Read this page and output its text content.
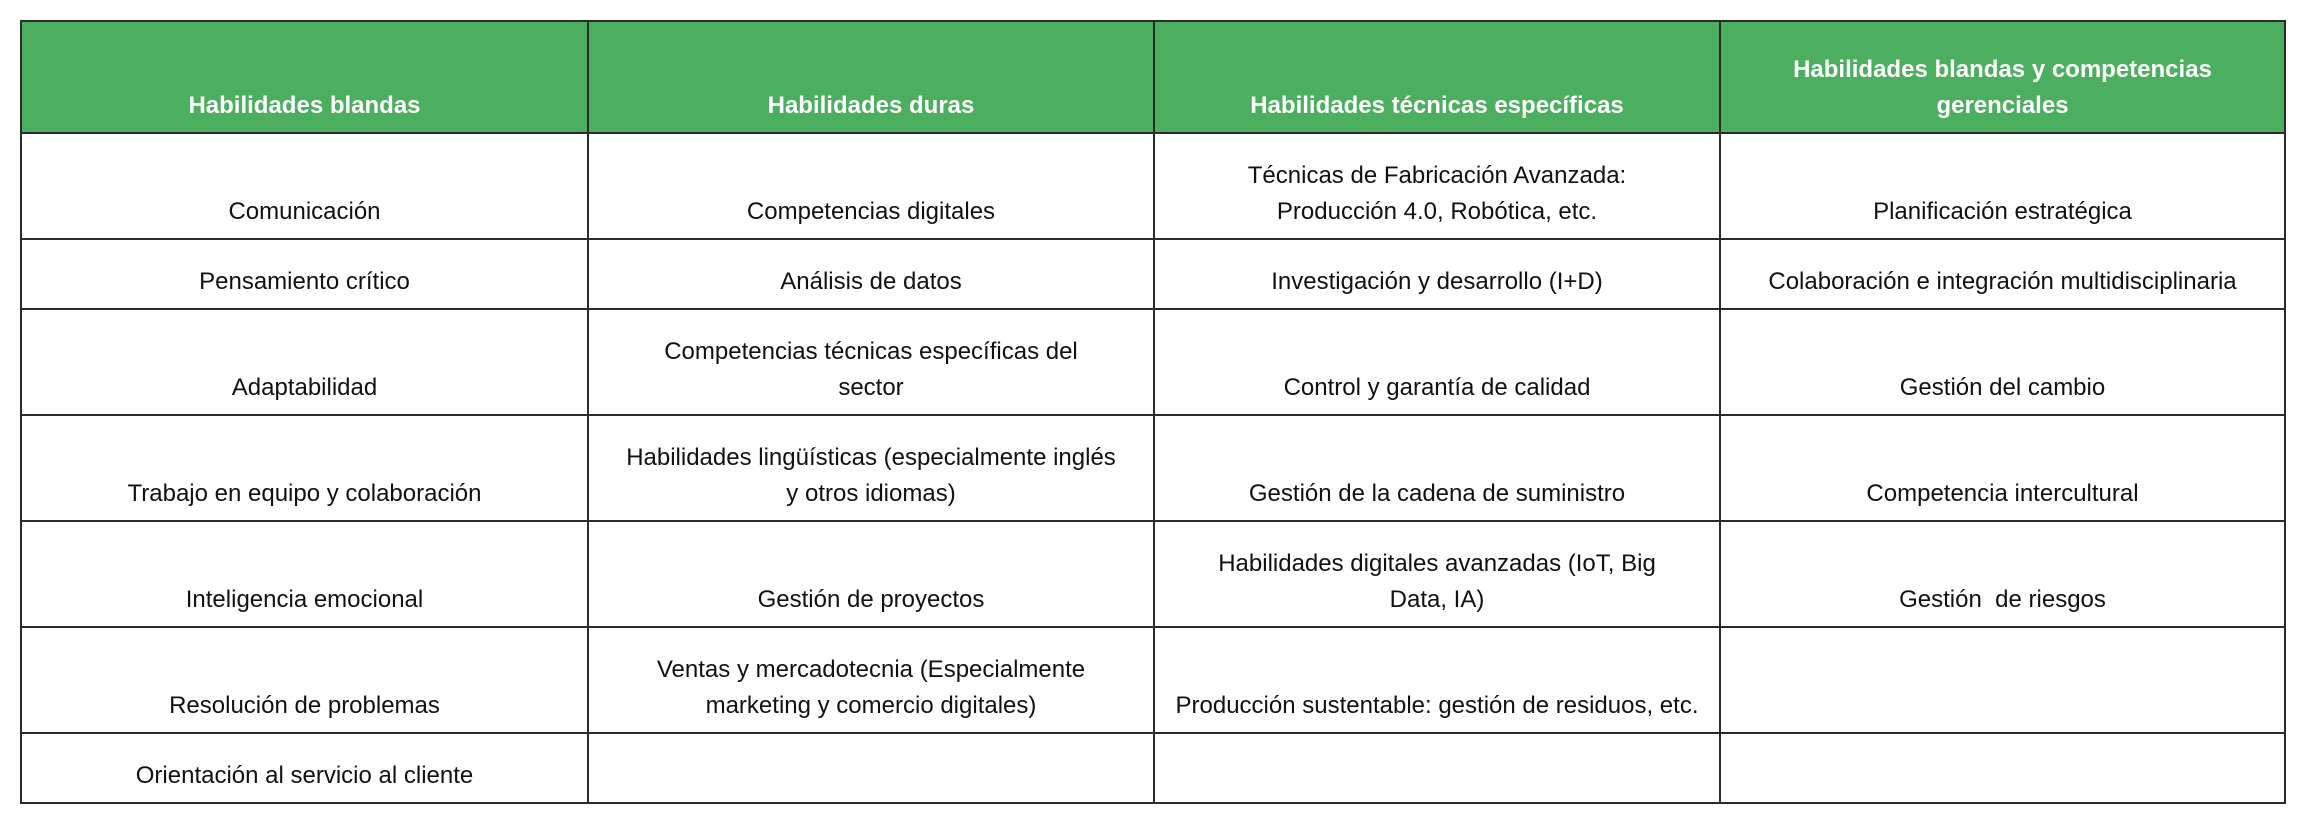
Habilidades blandas	Habilidades duras	Habilidades técnicas específicas	Habilidades blandas y competencias gerenciales
Comunicación	Competencias digitales	Técnicas de Fabricación Avanzada: Producción 4.0, Robótica, etc.	Planificación estratégica
Pensamiento crítico	Análisis de datos	Investigación y desarrollo (I+D)	Colaboración e integración multidisciplinaria
Adaptabilidad	Competencias técnicas específicas del sector	Control y garantía de calidad	Gestión del cambio
Trabajo en equipo y colaboración	Habilidades lingüísticas (especialmente inglés y otros idiomas)	Gestión de la cadena de suministro	Competencia intercultural
Inteligencia emocional	Gestión de proyectos	Habilidades digitales avanzadas (IoT, Big Data, IA)	Gestión  de riesgos
Resolución de problemas	Ventas y mercadotecnia (Especialmente marketing y comercio digitales)	Producción sustentable: gestión de residuos, etc.	
Orientación al servicio al cliente			
